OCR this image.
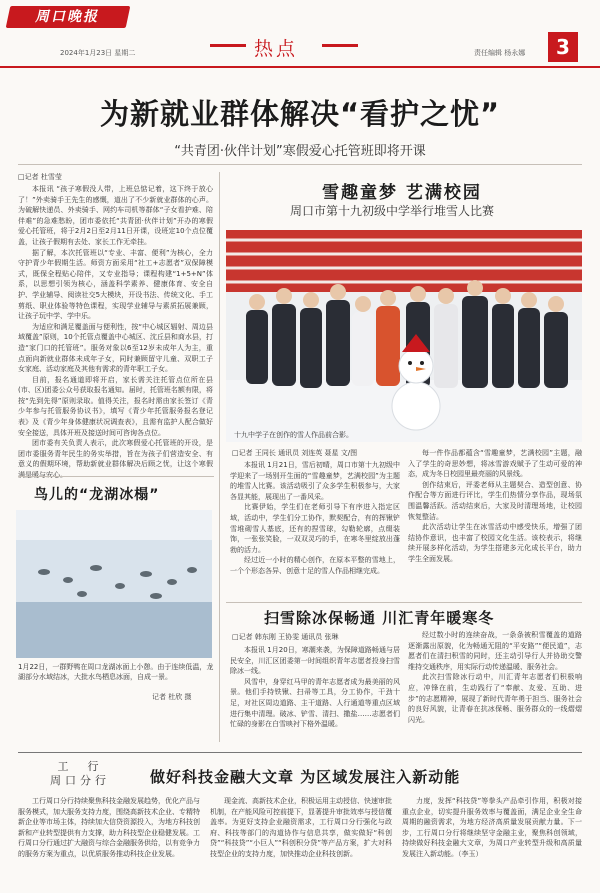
周口晚报
2024年1月23日 星期二	热点	责任编辑 杨永娜	3
为新就业群体解决“看护之忧”
“共青团·伙伴计划”寒假爱心托管班即将开课
□记者 杜雪莹

本报讯 “孩子寒假没人带，上班总惦记着，这下终于放心了！”外卖骑手王先生的感慨，道出了不少新就业群体的心声。为破解快递员、外卖骑手、网约车司机等群体“子女看护难、陪伴难”的急难愁盼，团市委依托“共青团·伙伴计划”开办的寒假爱心托管班，将于2月2日至2月11日开课，设班定10个点位覆盖，让孩子假期有去处、家长工作无牵挂。

据了解，本次托管班以“专业、丰富、便利”为核心，全力守护青少年假期生活。师资方面采用“社工+志愿者”双保障模式，既保全程贴心陪伴，又专业指导；课程构建“1+5+N”体系，以思想引领为核心，涵盖科学素养、健康体育、安全自护、学业辅导、阅读社交5大模块，开设书法、传统文化、手工剪纸、职业体验等特色课程，实现学业辅导与素质拓展兼顾，让孩子玩中学、学中乐。

为适应和满足覆盖面与便利性，按“中心城区辐射、周边县域覆盖”原则，10个托管点覆盖中心城区、沈丘县和商水县，打造“家门口的托管班”。服务对象以6至12岁未成年人为主，重点面向新就业群体未成年子女，同时兼顾留守儿童、双职工子女家庭、活动家庭及其他有需求的青年职工子女。

目前，报名通道即将开启，家长需关注托管点位所在县(市、区)团委公众号获取报名通知。届时，托管班名额有限，将按“先到先得”原则录取。值得关注，报名时需由家长签订《青少年参与托管服务协议书》，填写《青少年托管服务报名登记表》及《青少年身体健康状况调查表》，且需有监护人配合做好安全接送，具体开班及接送时间可咨询各点位。

团市委有关负责人表示，此次寒假爱心托管班的开设，是团市委服务青年民生的务实举措，旨在为孩子们营造安全、有意义的假期环境，帮助新就业群体解决后顾之忧，让这个寒假

雪趣童梦 艺满校园
周口市第十九初级中学举行堆雪人比赛
十九中学子在创作的雪人作品前合影。
□记者 王同长 通讯员 刘连英 聂星 文/图

本报讯 1月21日，雪后初晴，周口市第十九初级中学迎来了一场别开生面的“雪趣童梦，艺满校园”为主题的堆雪人比赛。该活动吸引了众多学生积极参与，大家各显其能，展现出了一番风采。

比赛伊始，学生们在老师引导下有序进入指定区域，活动中，学生们分工协作，默契配合，有的挥锹铲雪堆砌雪人基底，还有的捏雪球，勾勒轮廓，点缀装饰，一张张笑脸，一双双灵巧的手，在寒冬里绽放出蓬勃的活力。

经过近一小时的精心创作，在原本平整的雪地上，一个个形态各异、创意十足的雪人作品相继完成。

每一件作品都蕴含“雪趣童梦，艺满校园”主题，融入了学生的奇思妙想，将冰雪游戏赋予了生动可爱的神态，成为冬日校园里最亮丽的风景线。

创作结束后，评委老师从主题契合、造型创意、协作配合等方面进行评比，学生们热情分享作品，现场氛围温馨活跃。活动结束后，大家及时清理场地，让校园恢复整洁。

此次活动让学生在冰雪活动中感受快乐，增强了团结协作意识，也丰富了校园文化生活。该校表示，将继续开展多样化活动，为学生搭建多元化成长平台，助力学生全面发展。

鸟儿的“龙湖冰榻”
1月22日，一群野鸭在周口龙湖冰面上小憩。由于连续低温，龙湖部分水域结冰，大批水鸟栖息冰面，自成一景。
记者 杜欣 摄
扫雪除冰保畅通 川汇青年暖寒冬
□记者 韩东刚 王协雯 通讯员 张琳

本报讯 1月20日，寒潮来袭，为保障道路畅通与居民安全，川汇区团委第一时间组织青年志愿者投身扫雪除冰一线。

风雪中，身穿红马甲的青年志愿者成为最美丽的风景。他们手持铁锹、扫帚等工具，分工协作，干劲十足，对社区周边道路、主干道路、人行通道等重点区域进行集中清理。破冰、铲雪、清扫、撒盐……志愿者们忙碌的身影在白雪映衬下格外温暖。

经过数小时的连续奋战，一条条被积雪覆盖的道路逐渐露出原貌，化为畅通无阻的“平安路”“便民道”，志愿者们在清扫积雪的同时，还主动引导行人并协助交警维持交通秩序，用实际行动传递温暖、服务社会。

此次扫雪除冰行动中，川汇青年志愿者们积极响应，冲锋在前，生动践行了“奉献、友爱、互助、进步”的志愿精神，展现了新时代青年勇于担当、服务社会的良好风貌，让青春在抗冰保畅、服务群众的一线熠熠闪光。

工  行
周口分行	做好科技金融大文章 为区域发展注入新动能
工行周口分行持续聚焦科技金融发展趋势，优化产品与服务模式，加大服务支持力度，围绕高新技术企业、专精特新企业等市场主体，持续加大信贷资源投入，为地方科技创新和产业转型提供有力支撑，助力科技型企业稳健发展。工行周口分行通过扩大融资与综合金融服务供给，以有竞争力的服务方案为重点，以优质服务推动科技企业发展。
现金流、高新技术企业，积极运用主动授信、快速审批机制，在产能风险可控前提下，显著提升审批效率与授信覆盖率。为更好支持企业融资需求，工行周口分行强化与政府、科技等部门的沟道协作与信息共享，做实做好“科创贷”“科技贷”“小巨人”“科创积分贷”等产品方案，扩大对科技型企业的支持力度，加快推动企业科技创新。
力度，发挥“科技贷”等拳头产品牵引作用，积极对接重点企业，切实提升服务效率与覆盖面，满足企业全生命周期的融资需求，为地方经济高质量发展贡献力量。下一步，工行周口分行将继续坚守金融主业，聚焦科创领域，持续做好科技金融大文章，为周口产业转型升级和高质量发展注入新动能。（李玉）
